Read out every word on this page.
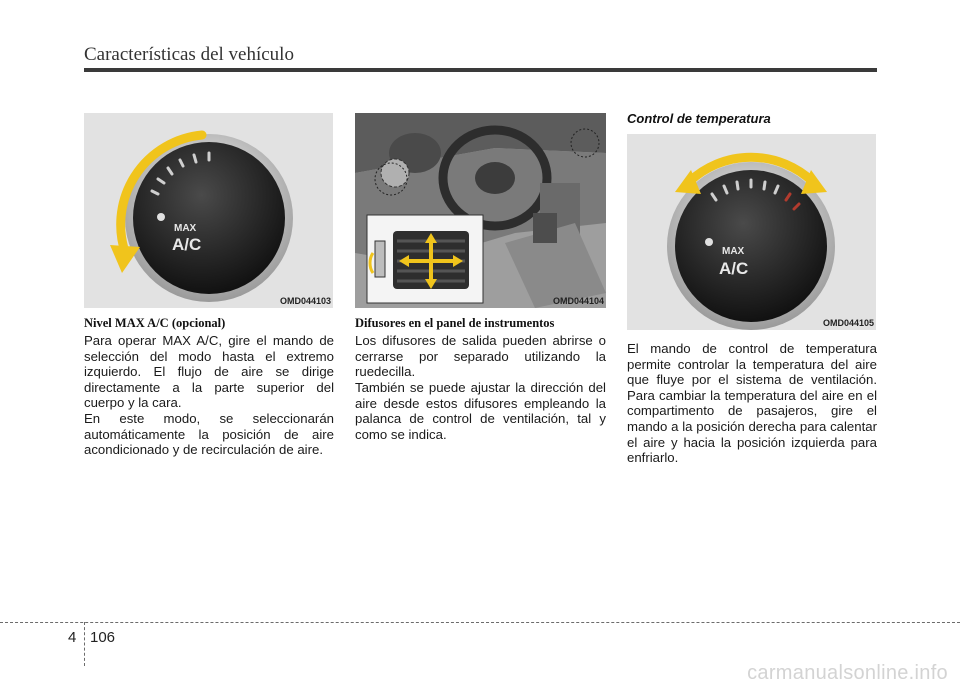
Características del vehículo
MAX
A/C
OMD044103	OMD044104
MAX
A/C
OMD044105
Nivel MAX A/C (opcional)

Para operar MAX A/C, gire el mando de selección del modo hasta el extremo izquierdo. El flujo de aire se dirige directamente a la parte superior del cuerpo y la cara.

En este modo, se seleccionarán automáticamente la posición de aire acondicionado y de recirculación de aire.

Difusores en el panel de instrumentos

Los difusores de salida pueden abrirse o cerrarse por separado utilizando la ruedecilla.

También se puede ajustar la dirección del aire desde estos difusores empleando la palanca de control de ventilación, tal y como se indica.

Control de temperatura

El mando de control de temperatura permite controlar la temperatura del aire que fluye por el sistema de ventilación. Para cambiar la temperatura del aire en el compartimento de pasajeros, gire el mando a la posición derecha para calentar el aire y hacia la posición izquierda para enfriarlo.

4 106
carmanualsonline.info
